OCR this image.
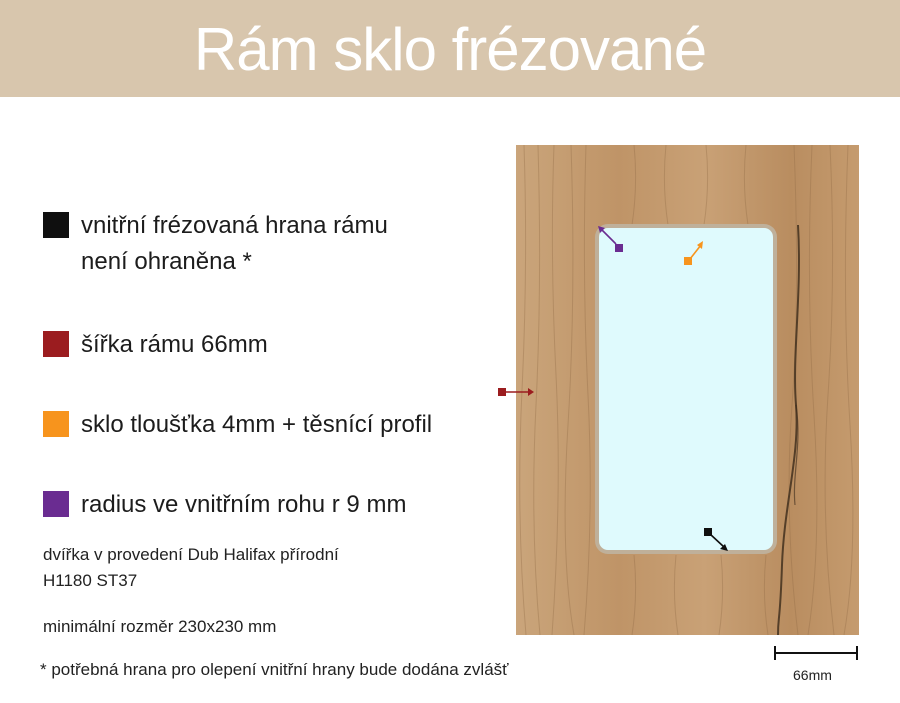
Rám sklo frézované
vnitřní frézovaná hrana rámu
není ohraněna *
šířka rámu 66mm
sklo tloušťka 4mm + těsnící profil
radius ve vnitřním rohu r 9 mm
dvířka v provedení Dub Halifax přírodní
H1180 ST37
minimální rozměr 230x230 mm
* potřebná hrana pro olepení vnitřní hrany bude dodána zvlášť	66mm
